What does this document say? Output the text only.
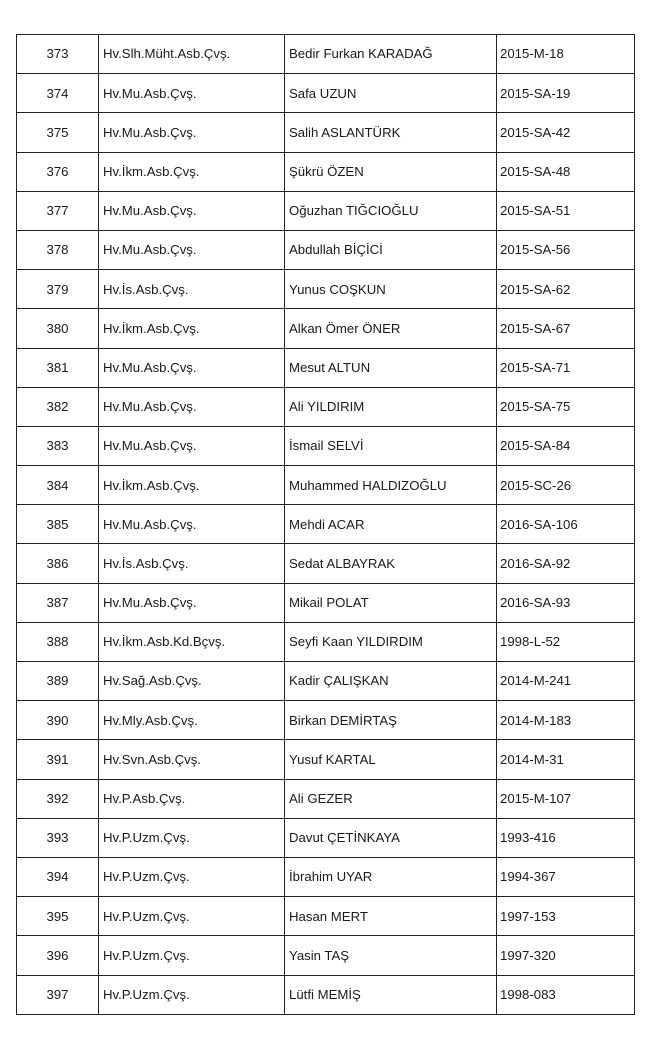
373	Hv.Slh.Müht.Asb.Çvş.	Bedir Furkan KARADAĞ	2015-M-18
374	Hv.Mu.Asb.Çvş.	Safa UZUN	2015-SA-19
375	Hv.Mu.Asb.Çvş.	Salih ASLANTÜRK	2015-SA-42
376	Hv.İkm.Asb.Çvş.	Şükrü ÖZEN	2015-SA-48
377	Hv.Mu.Asb.Çvş.	Oğuzhan TIĞCIOĞLU	2015-SA-51
378	Hv.Mu.Asb.Çvş.	Abdullah BİÇİCİ	2015-SA-56
379	Hv.İs.Asb.Çvş.	Yunus COŞKUN	2015-SA-62
380	Hv.İkm.Asb.Çvş.	Alkan Ömer ÖNER	2015-SA-67
381	Hv.Mu.Asb.Çvş.	Mesut ALTUN	2015-SA-71
382	Hv.Mu.Asb.Çvş.	Ali YILDIRIM	2015-SA-75
383	Hv.Mu.Asb.Çvş.	İsmail SELVİ	2015-SA-84
384	Hv.İkm.Asb.Çvş.	Muhammed HALDIZOĞLU	2015-SC-26
385	Hv.Mu.Asb.Çvş.	Mehdi ACAR	2016-SA-106
386	Hv.İs.Asb.Çvş.	Sedat ALBAYRAK	2016-SA-92
387	Hv.Mu.Asb.Çvş.	Mikail POLAT	2016-SA-93
388	Hv.İkm.Asb.Kd.Bçvş.	Seyfi Kaan YILDIRDIM	1998-L-52
389	Hv.Sağ.Asb.Çvş.	Kadir ÇALIŞKAN	2014-M-241
390	Hv.Mly.Asb.Çvş.	Birkan DEMİRTAŞ	2014-M-183
391	Hv.Svn.Asb.Çvş.	Yusuf KARTAL	2014-M-31
392	Hv.P.Asb.Çvş.	Ali GEZER	2015-M-107
393	Hv.P.Uzm.Çvş.	Davut ÇETİNKAYA	1993-416
394	Hv.P.Uzm.Çvş.	İbrahim UYAR	1994-367
395	Hv.P.Uzm.Çvş.	Hasan MERT	1997-153
396	Hv.P.Uzm.Çvş.	Yasin TAŞ	1997-320
397	Hv.P.Uzm.Çvş.	Lütfi MEMİŞ	1998-083
